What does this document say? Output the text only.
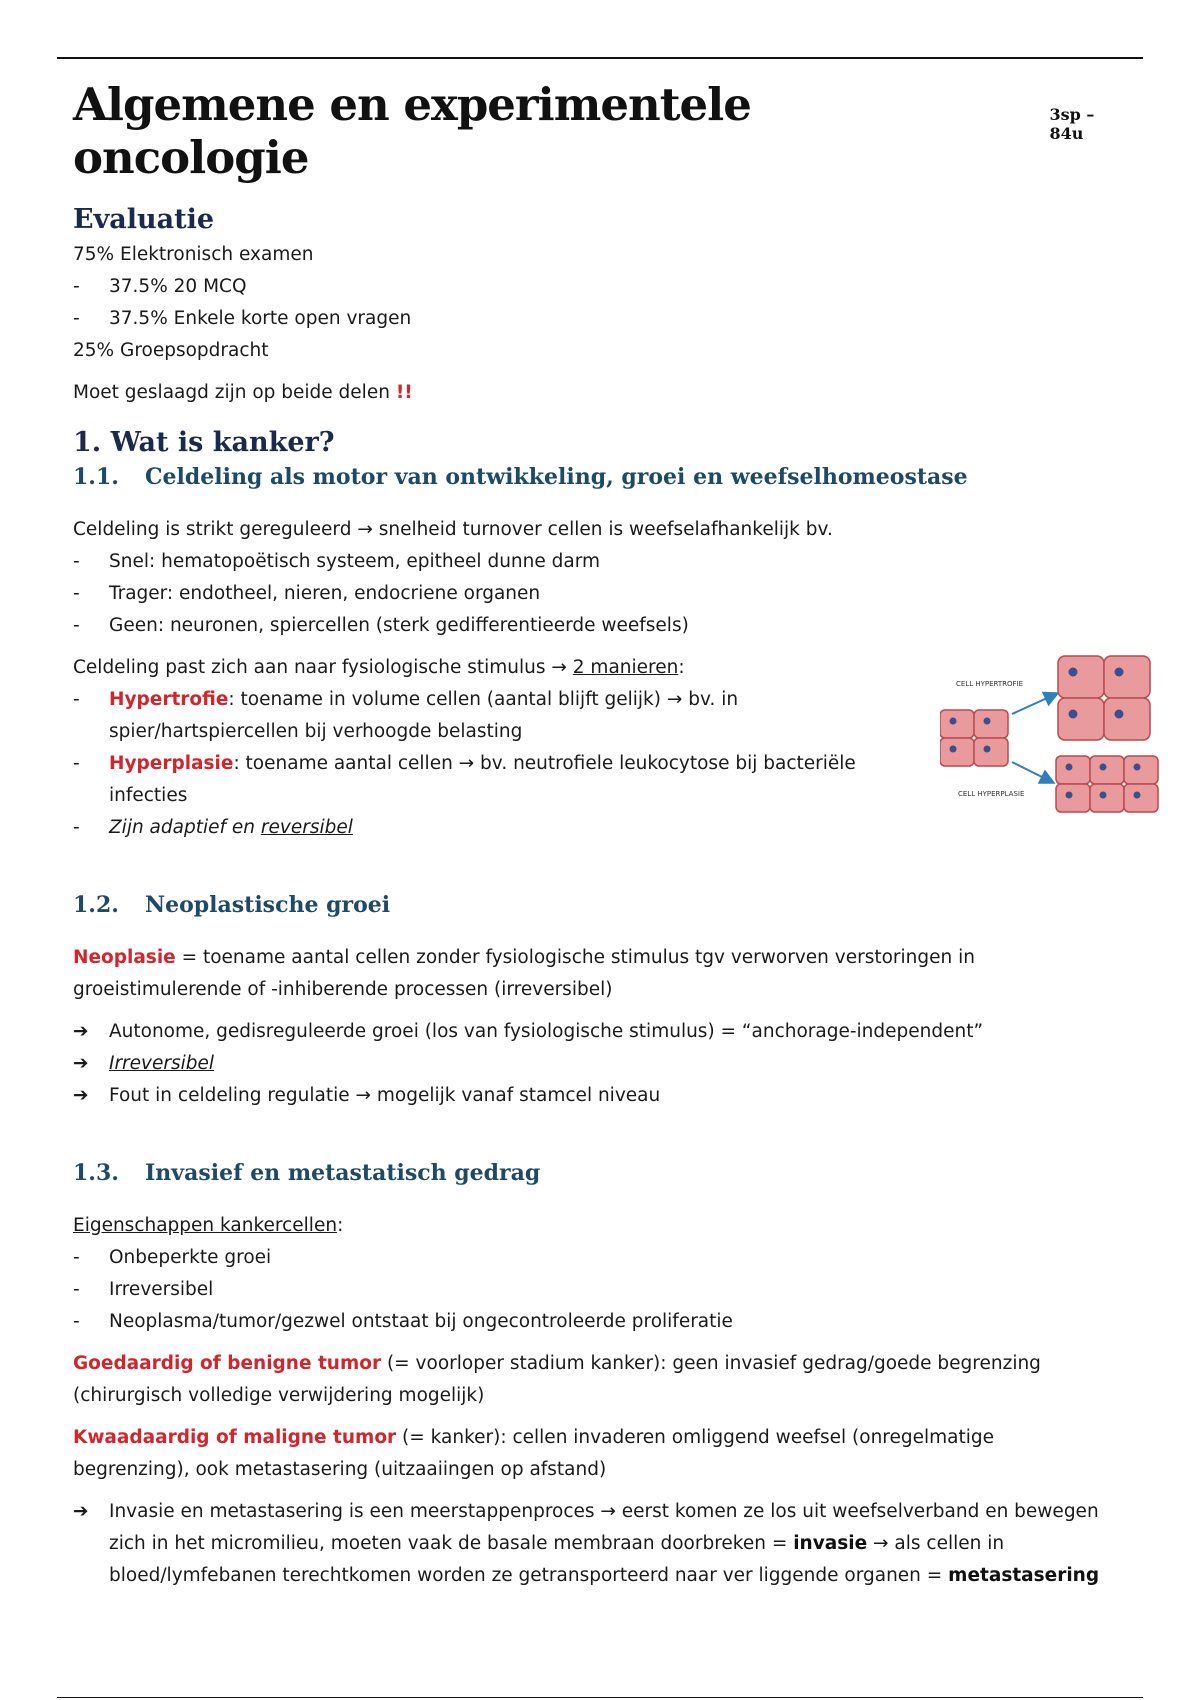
Algemene en experimentele oncologie
3sp – 84u
Evaluatie

75% Elektronisch examen

- 37.5% 20 MCQ
- 37.5% Enkele korte open vragen

25% Groepsopdracht

Moet geslaagd zijn op beide delen !!

1. Wat is kanker?
1.1.	Celdeling als motor van ontwikkeling, groei en weefselhomeostase

Celdeling is strikt gereguleerd → snelheid turnover cellen is weefselafhankelijk bv.

- Snel: hematopoëtisch systeem, epitheel dunne darm
- Trager: endotheel, nieren, endocriene organen
- Geen: neuronen, spiercellen (sterk gedifferentieerde weefsels)

Celdeling past zich aan naar fysiologische stimulus → 2 manieren:

- Hypertrofie: toename in volume cellen (aantal blijft gelijk) → bv. in spier/hartspiercellen bij verhoogde belasting
- Hyperplasie: toename aantal cellen → bv. neutrofiele leukocytose bij bacteriële infecties
- Zijn adaptief en reversibel
1.2.	Neoplastische groei

Neoplasie = toename aantal cellen zonder fysiologische stimulus tgv verworven verstoringen in groeistimulerende of -inhiberende processen (irreversibel)

➔ Autonome, gedisreguleerde groei (los van fysiologische stimulus) = “anchorage-independent”
➔ Irreversibel
➔ Fout in celdeling regulatie → mogelijk vanaf stamcel niveau
1.3.	Invasief en metastatisch gedrag

Eigenschappen kankercellen:

- Onbeperkte groei
- Irreversibel
- Neoplasma/tumor/gezwel ontstaat bij ongecontroleerde proliferatie

Goedaardig of benigne tumor (= voorloper stadium kanker): geen invasief gedrag/goede begrenzing (chirurgisch volledige verwijdering mogelijk)

Kwaadaardig of maligne tumor (= kanker): cellen invaderen omliggend weefsel (onregelmatige begrenzing), ook metastasering (uitzaaiingen op afstand)

➔ Invasie en metastasering is een meerstappenproces → eerst komen ze los uit weefselverband en bewegen zich in het micromilieu, moeten vaak de basale membraan doorbreken = invasie → als cellen in bloed/lymfebanen terechtkomen worden ze getransporteerd naar ver liggende organen = metastasering
CELL HYPERTROFIE
CELL HYPERPLASIE
